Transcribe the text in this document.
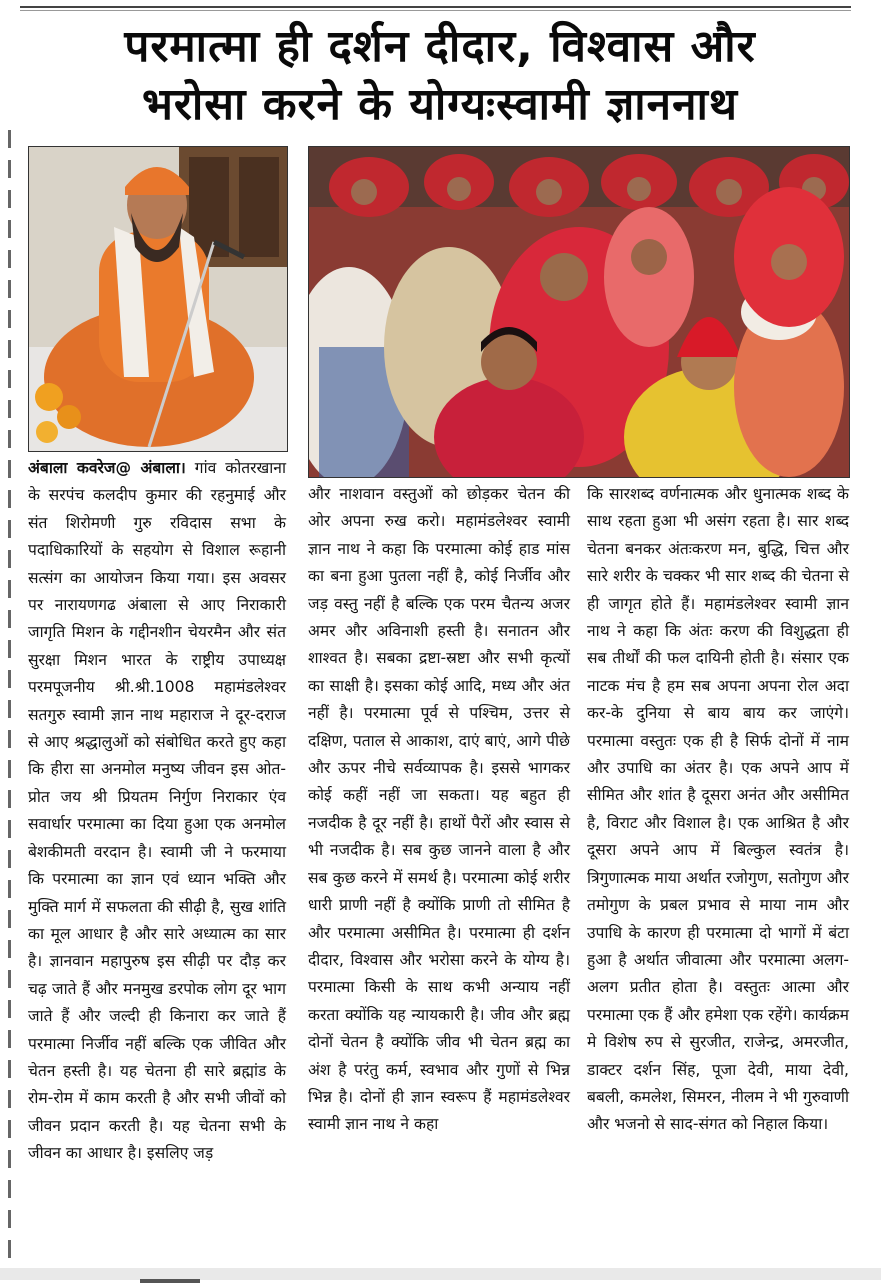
परमात्मा ही दर्शन दीदार, विश्वास और
भरोसा करने के योग्यःस्वामी ज्ञाननाथ

अंबाला कवरेज@ अंबाला। गांव कोतरखाना के सरपंच कलदीप कुमार की रहनुमाई और संत शिरोमणी गुरु रविदास सभा के पदाधिकारियों के सहयोग से विशाल रूहानी सत्संग का आयोजन किया गया। इस अवसर पर नारायणगढ अंबाला से आए निराकारी जागृति मिशन के गद्दीनशीन चेयरमैन और संत सुरक्षा मिशन भारत के राष्ट्रीय उपाध्यक्ष परमपूजनीय श्री.श्री.1008 महामंडलेश्वर सतगुरु स्वामी ज्ञान नाथ महाराज ने दूर-दराज से आए श्रद्धालुओं को संबोधित करते हुए कहा कि हीरा सा अनमोल मनुष्य जीवन इस ओत-प्रोत जय श्री प्रियतम निर्गुण निराकार एंव सवार्धार परमात्मा का दिया हुआ एक अनमोल बेशकीमती वरदान है। स्वामी जी ने फरमाया कि परमात्मा का ज्ञान एवं ध्यान भक्ति और मुक्ति मार्ग में सफलता की सीढ़ी है, सुख शांति का मूल आधार है और सारे अध्यात्म का सार है। ज्ञानवान महापुरुष इस सीढ़ी पर दौड़ कर चढ़ जाते हैं और मनमुख डरपोक लोग दूर भाग जाते हैं और जल्दी ही किनारा कर जाते हैं परमात्मा निर्जीव नहीं बल्कि एक जीवित और चेतन हस्ती है। यह चेतना ही सारे ब्रह्मांड के रोम-रोम में काम करती है और सभी जीवों को जीवन प्रदान करती है। यह चेतना सभी के जीवन का आधार है। इसलिए जड़

और नाशवान वस्तुओं को छोड़कर चेतन की ओर अपना रुख करो। महामंडलेश्वर स्वामी ज्ञान नाथ ने कहा कि परमात्मा कोई हाड मांस का बना हुआ पुतला नहीं है, कोई निर्जीव और जड़ वस्तु नहीं है बल्कि एक परम चैतन्य अजर अमर और अविनाशी हस्ती है। सनातन और शाश्वत है। सबका द्रष्टा-स्रष्टा और सभी कृत्यों का साक्षी है। इसका कोई आदि, मध्य और अंत नहीं है। परमात्मा पूर्व से पश्चिम, उत्तर से दक्षिण, पताल से आकाश, दाएं बाएं, आगे पीछे और ऊपर नीचे सर्वव्यापक है। इससे भागकर कोई कहीं नहीं जा सकता। यह बहुत ही नजदीक है दूर नहीं है। हाथों पैरों और स्वास से भी नजदीक है। सब कुछ जानने वाला है और सब कुछ करने में समर्थ है। परमात्मा कोई शरीर धारी प्राणी नहीं है क्योंकि प्राणी तो सीमित है और परमात्मा असीमित है। परमात्मा ही दर्शन दीदार, विश्वास और भरोसा करने के योग्य है। परमात्मा किसी के साथ कभी अन्याय नहीं करता क्योंकि यह न्यायकारी है। जीव और ब्रह्म दोनों चेतन है क्योंकि जीव भी चेतन ब्रह्म का अंश है परंतु कर्म, स्वभाव और गुणों से भिन्न भिन्न है। दोनों ही ज्ञान स्वरूप हैं महामंडलेश्वर स्वामी ज्ञान नाथ ने कहा

कि सारशब्द वर्णनात्मक और धुनात्मक शब्द के साथ रहता हुआ भी असंग रहता है। सार शब्द चेतना बनकर अंतःकरण मन, बुद्धि, चित्त और सारे शरीर के चक्कर भी सार शब्द की चेतना से ही जागृत होते हैं। महामंडलेश्वर स्वामी ज्ञान नाथ ने कहा कि अंतः करण की विशुद्धता ही सब तीर्थों की फल दायिनी होती है। संसार एक नाटक मंच है हम सब अपना अपना रोल अदा कर-के दुनिया से बाय बाय कर जाएंगे। परमात्मा वस्तुतः एक ही है सिर्फ दोनों में नाम और उपाधि का अंतर है। एक अपने आप में सीमित और शांत है दूसरा अनंत और असीमित है, विराट और विशाल है। एक आश्रित है और दूसरा अपने आप में बिल्कुल स्वतंत्र है। त्रिगुणात्मक माया अर्थात रजोगुण, सतोगुण और तमोगुण के प्रबल प्रभाव से माया नाम और उपाधि के कारण ही परमात्मा दो भागों में बंटा हुआ है अर्थात जीवात्मा और परमात्मा अलग-अलग प्रतीत होता है। वस्तुतः आत्मा और परमात्मा एक हैं और हमेशा एक रहेंगे। कार्यक्रम मे विशेष रुप से सुरजीत, राजेन्द्र, अमरजीत, डाक्टर दर्शन सिंह, पूजा देवी, माया देवी, बबली, कमलेश, सिमरन, नीलम ने भी गुरुवाणी और भजनो से साद-संगत को निहाल किया।
